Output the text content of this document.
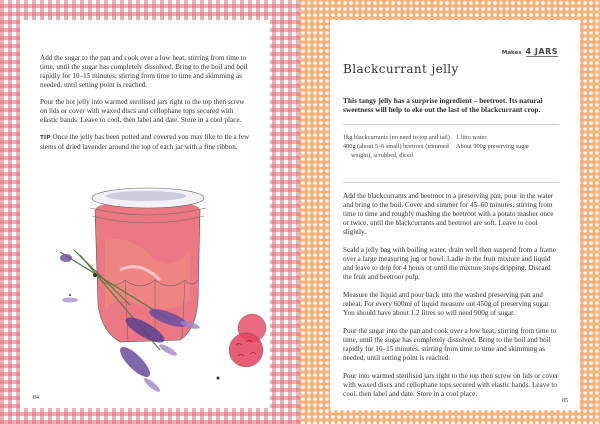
Add the sugar to the pan and cook over a low heat, stirring from time to time, until the sugar has completely dissolved. Bring to the boil and boil rapidly for 10–15 minutes, stirring from time to time and skimming as needed, until setting point is reached.

Pour the hot jelly into warmed sterilised jars right to the top then screw on lids or cover with waxed discs and cellophane tops secured with elastic bands. Leave to cool, then label and date. Store in a cool place.

TIP Once the jelly has been potted and covered you may like to tie a few stems of dried lavender around the top of each jar with a fine ribbon.

84
Makes 4 JARS
Blackcurrant jelly

This tangy jelly has a surprise ingredient – beetroot. Its natural sweetness will help to eke out the last of the blackcurrant crop.

1kg blackcurrants (no need to top and tail)
400g (about 5–6 small) beetroot (trimmed weight), scrubbed, diced
1 litre water
About 900g preserving sugar

Add the blackcurrants and beetroot to a preserving pan, pour in the water and bring to the boil. Cover and simmer for 45–60 minutes, stirring from time to time and roughly mashing the beetroot with a potato masher once or twice, until the blackcurrants and beetroot are soft. Leave to cool slightly.

Scald a jelly bag with boiling water, drain well then suspend from a frame over a large measuring jug or bowl. Ladle in the fruit mixture and liquid and leave to drip for 4 hours or until the mixture stops dripping. Discard the fruit and beetroot pulp.

Measure the liquid and pour back into the washed preserving pan and reheat. For every 600ml of liquid measure out 450g of preserving sugar. You should have about 1.2 litres so will need 900g of sugar.

Pour the sugar into the pan and cook over a low heat, stirring from time to time, until the sugar has completely dissolved. Bring to the boil and boil rapidly for 10–15 minutes, stirring from time to time and skimming as needed, until setting point is reached.

Pour into warmed sterilised jars right to the top then screw on lids or cover with waxed discs and cellophane tops secured with elastic bands. Leave to cool, then label and date. Store in a cool place.

85
